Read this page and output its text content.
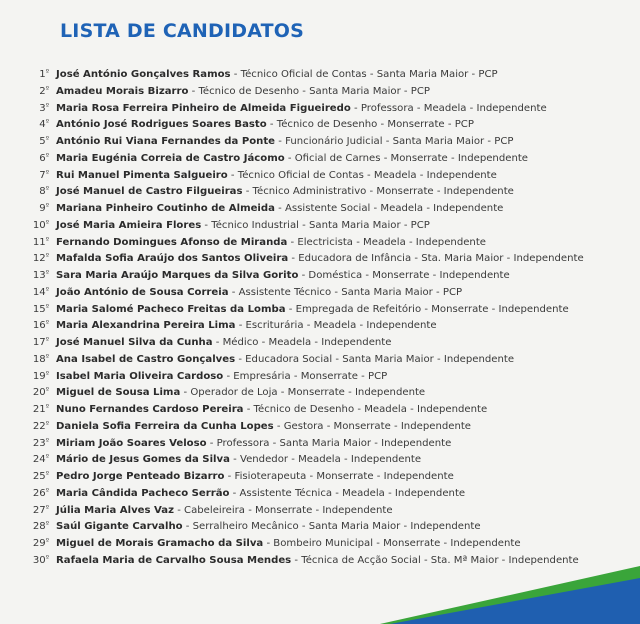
LISTA DE CANDIDATOS
$1^º$ José António Gonçalves Ramos - Técnico Oficial de Contas - Santa Maria Maior - PCP
$2^º$ Amadeu Morais Bizarro - Técnico de Desenho - Santa Maria Maior - PCP
$3^º$ Maria Rosa Ferreira Pinheiro de Almeida Figueiredo - Professora - Meadela - Independente
$4^º$ António José Rodrigues Soares Basto - Técnico de Desenho - Monserrate - PCP
$5^º$ António Rui Viana Fernandes da Ponte - Funcionário Judicial - Santa Maria Maior - PCP
$6^º$ Maria Eugénia Correia de Castro Jácomo - Oficial de Carnes - Monserrate - Independente
$7^º$ Rui Manuel Pimenta Salgueiro - Técnico Oficial de Contas - Meadela - Independente
$8^º$ José Manuel de Castro Filgueiras - Técnico Administrativo - Monserrate - Independente
$9^º$ Mariana Pinheiro Coutinho de Almeida - Assistente Social - Meadela - Independente
$10^º$ José Maria Amieira Flores - Técnico Industrial - Santa Maria Maior - PCP
$11^º$ Fernando Domingues Afonso de Miranda - Electricista - Meadela - Independente
$12^º$ Mafalda Sofia Araújo dos Santos Oliveira - Educadora de Infância - Sta. Maria Maior - Independente
$13^º$ Sara Maria Araújo Marques da Silva Gorito - Doméstica - Monserrate - Independente
$14^º$ João António de Sousa Correia - Assistente Técnico - Santa Maria Maior - PCP
$15^º$ Maria Salomé Pacheco Freitas da Lomba - Empregada de Refeitório - Monserrate - Independente
$16^º$ Maria Alexandrina Pereira Lima - Escriturária - Meadela - Independente
$17^º$ José Manuel Silva da Cunha - Médico - Meadela - Independente
$18^º$ Ana Isabel de Castro Gonçalves - Educadora Social - Santa Maria Maior - Independente
$19^º$ Isabel Maria Oliveira Cardoso - Empresária - Monserrate - PCP
$20^º$ Miguel de Sousa Lima - Operador de Loja - Monserrate - Independente
$21^º$ Nuno Fernandes Cardoso Pereira - Técnico de Desenho - Meadela - Independente
$22^º$ Daniela Sofia Ferreira da Cunha Lopes - Gestora - Monserrate - Independente
$23^º$ Miriam João Soares Veloso - Professora - Santa Maria Maior - Independente
$24^º$ Mário de Jesus Gomes da Silva - Vendedor - Meadela - Independente
$25^º$ Pedro Jorge Penteado Bizarro - Fisioterapeuta - Monserrate - Independente
$26^º$ Maria Cândida Pacheco Serrão - Assistente Técnica - Meadela - Independente
$27^º$ Júlia Maria Alves Vaz - Cabeleireira - Monserrate - Independente
$28^º$ Saúl Gigante Carvalho - Serralheiro Mecânico - Santa Maria Maior - Independente
$29^º$ Miguel de Morais Gramacho da Silva - Bombeiro Municipal - Monserrate - Independente
$30^º$ Rafaela Maria de Carvalho Sousa Mendes - Técnica de Acção Social - Sta. Mª Maior - Independente
